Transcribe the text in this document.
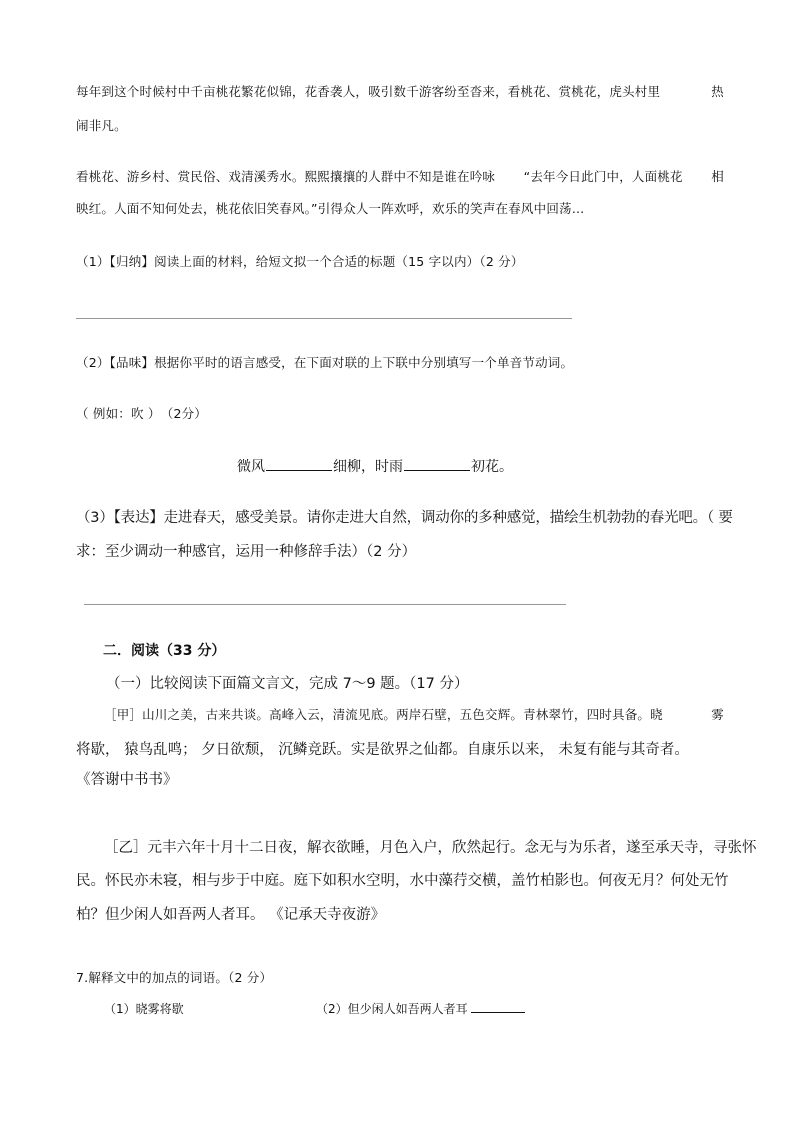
每年到这个时候村中千亩桃花繁花似锦，花香袭人，吸引数千游客纷至沓来，看桃花、赏桃花，虎头村里	热
闹非凡。
看桃花、游乡村、赏民俗、戏清溪秀水。熙熙攘攘的人群中不知是谁在吟咏 “去年今日此门中，人面桃花 相
映红。人面不知何处去，桃花依旧笑春风。”引得众人一阵欢呼，欢乐的笑声在春风中回荡…
（1）【归纳】阅读上面的材料，给短文拟一个合适的标题（15 字以内）（2 分）
（2）【品味】根据你平时的语言感受，在下面对联的上下联中分别填写一个单音节动词。
（ 例如：吹 ）　（2分）
微风	细柳，时雨	初花。
（3）【表达】走进春天，感受美景。请你走进大自然，调动你的多种感觉，描绘生机勃勃的春光吧。（ 要
求：至少调动一种感官，运用一种修辞手法）（2 分）
二．阅读（33 分）
（一）比较阅读下面篇文言文，完成 7～9 题。（17 分）
［甲］山川之美，古来共谈。高峰入云，清流见底。两岸石壁，五色交辉。青林翠竹，四时具备。晓	雾
将歇， 猿鸟乱鸣； 夕日欲颓， 沉鳞竞跃。实是欲界之仙都。自康乐以来， 未复有能与其奇者。
《答谢中书书》
［乙］元丰六年十月十二日夜，解衣欲睡，月色入户，欣然起行。念无与为乐者，遂至承天寺，寻张 怀
民。怀民亦未寝，相与步于中庭。庭下如积水空明，水中藻荇交横，盖竹柏影也。 何夜无月？何处无竹
柏？但少闲人如吾两人者耳。 《记承天寺夜游》
7.解释文中的加点的词语。（2 分）
（1）晓雾将歇	（2）但少闲人如吾两人者耳
